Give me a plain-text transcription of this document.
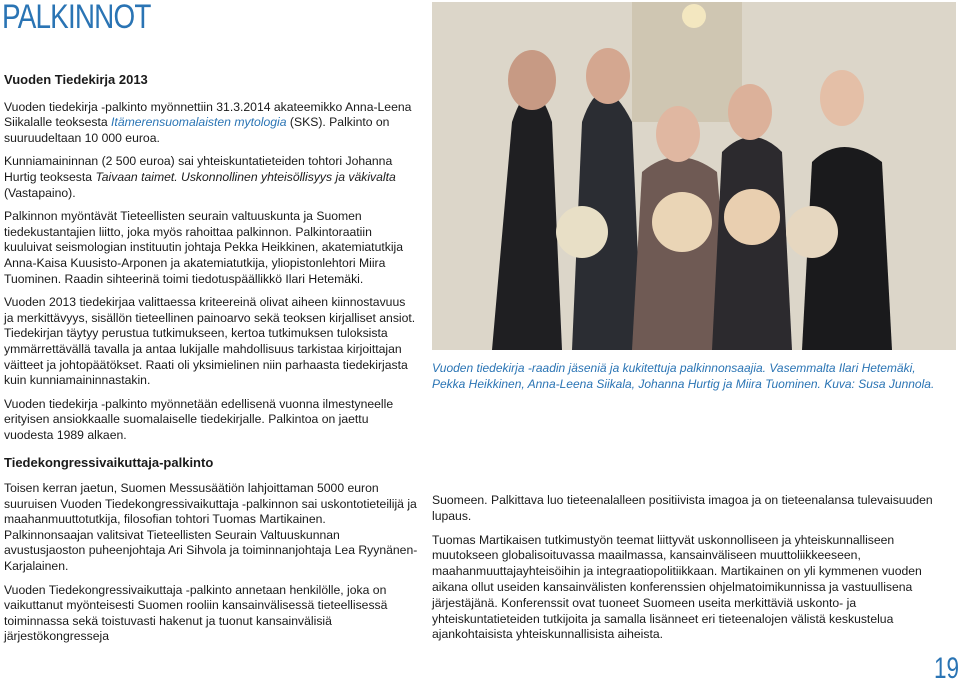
PALKINNOT

Vuoden Tiedekirja 2013

Vuoden tiedekirja -palkinto myönnettiin 31.3.2014 akateemikko Anna-Leena Siikalalle teoksesta Itämerensuomalaisten mytologia (SKS). Palkinto on suuruudeltaan 10 000 euroa.

Kunniamaininnan (2 500 euroa) sai yhteiskuntatieteiden tohtori Johanna Hurtig teoksesta Taivaan taimet. Uskonnollinen yhteisöllisyys ja väkivalta (Vastapaino).

Palkinnon myöntävät Tieteellisten seurain valtuuskunta ja Suomen tiedekustantajien liitto, joka myös rahoittaa palkinnon. Palkintoraatiin kuuluivat seismologian instituutin johtaja Pekka Heikkinen, akatemiatutkija Anna-Kaisa Kuusisto-Arponen ja akatemiatutkija, yliopistonlehtori Miira Tuominen. Raadin sihteerinä toimi tiedotuspäällikkö Ilari Hetemäki.

Vuoden 2013 tiedekirjaa valittaessa kriteereinä olivat aiheen kiinnostavuus ja merkittävyys, sisällön tieteellinen painoarvo sekä teoksen kirjalliset ansiot. Tiedekirjan täytyy perustua tutkimukseen, kertoa tutkimuksen tuloksista ymmärrettävällä tavalla ja antaa lukijalle mahdollisuus tarkistaa kirjoittajan väitteet ja johtopäätökset. Raati oli yksimielinen niin parhaasta tiedekirjasta kuin kunniamaininnastakin.

Vuoden tiedekirja -palkinto myönnetään edellisenä vuonna ilmestyneelle erityisen ansiokkaalle suomalaiselle tiedekirjalle. Palkintoa on jaettu vuodesta 1989 alkaen.

Tiedekongressivaikuttaja-palkinto

Toisen kerran jaetun, Suomen Messusäätiön lahjoittaman 5000 euron suuruisen Vuoden Tiedekongressivaikuttaja -palkinnon sai uskontotieteilijä ja maahanmuuttotutkija, filosofian tohtori Tuomas Martikainen. Palkinnonsaajan valitsivat Tieteellisten Seurain Valtuuskunnan avustusjaoston puheenjohtaja Ari Sihvola ja toiminnanjohtaja Lea Ryynänen-Karjalainen.

Vuoden Tiedekongressivaikuttaja -palkinto annetaan henkilölle, joka on vaikuttanut myönteisesti Suomen rooliin kansainvälisessä tieteellisessä toiminnassa sekä toistuvasti hakenut ja tuonut kansainvälisiä järjestökongresseja

Vuoden tiedekirja -raadin jäseniä ja kukitettuja palkinnonsaajia. Vasemmalta Ilari Hetemäki, Pekka Heikkinen, Anna-Leena Siikala, Johanna Hurtig ja Miira Tuominen. Kuva: Susa Junnola.

Suomeen. Palkittava luo tieteenalalleen positiivista imagoa ja on tieteenalansa tulevaisuuden lupaus.

Tuomas Martikaisen tutkimustyön teemat liittyvät uskonnolliseen ja yhteiskunnalliseen muutokseen globalisoituvassa maailmassa, kansainväliseen muuttoliikkeeseen, maahanmuuttajayhteisöihin ja integraatiopolitiikkaan. Martikainen on yli kymmenen vuoden aikana ollut useiden kansainvälisten konferenssien ohjelmatoimikunnissa ja vastuullisena järjestäjänä. Konferenssit ovat tuoneet Suomeen useita merkittäviä uskonto- ja yhteiskuntatieteiden tutkijoita ja samalla lisänneet eri tieteenalojen välistä keskustelua ajankohtaisista yhteiskunnallisista aiheista.

19
